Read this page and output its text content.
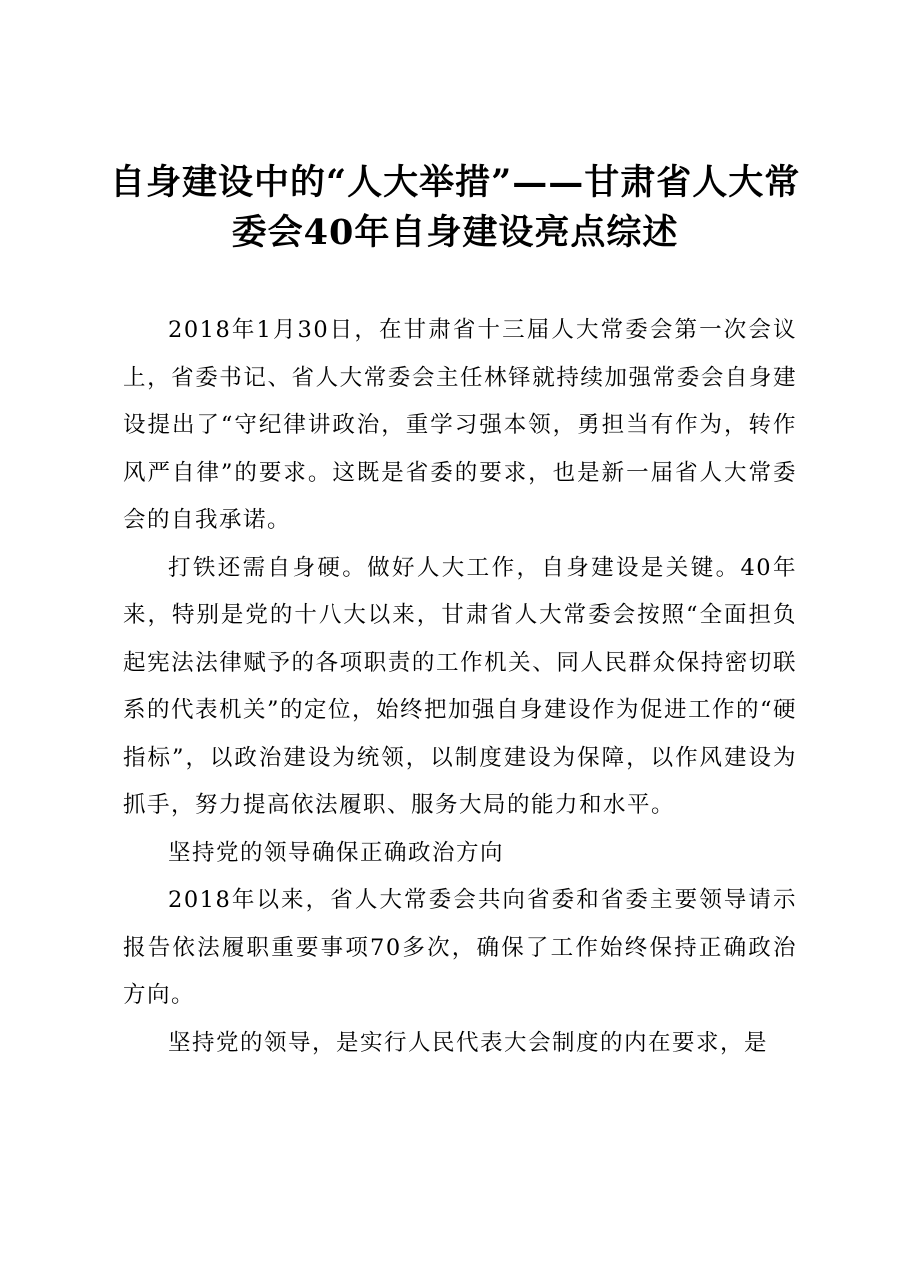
自身建设中的“人大举措”——甘肃省人大常
委会40年自身建设亮点综述

2018年1月30日，在甘肃省十三届人大常委会第一次会议上，省委书记、省人大常委会主任林铎就持续加强常委会自身建设提出了“守纪律讲政治，重学习强本领，勇担当有作为，转作风严自律”的要求。这既是省委的要求，也是新一届省人大常委会的自我承诺。

打铁还需自身硬。做好人大工作，自身建设是关键。40年来，特别是党的十八大以来，甘肃省人大常委会按照“全面担负起宪法法律赋予的各项职责的工作机关、同人民群众保持密切联系的代表机关”的定位，始终把加强自身建设作为促进工作的“硬指标”，以政治建设为统领，以制度建设为保障，以作风建设为抓手，努力提高依法履职、服务大局的能力和水平。

坚持党的领导确保正确政治方向

2018年以来，省人大常委会共向省委和省委主要领导请示报告依法履职重要事项70多次，确保了工作始终保持正确政治方向。

坚持党的领导，是实行人民代表大会制度的内在要求，是
